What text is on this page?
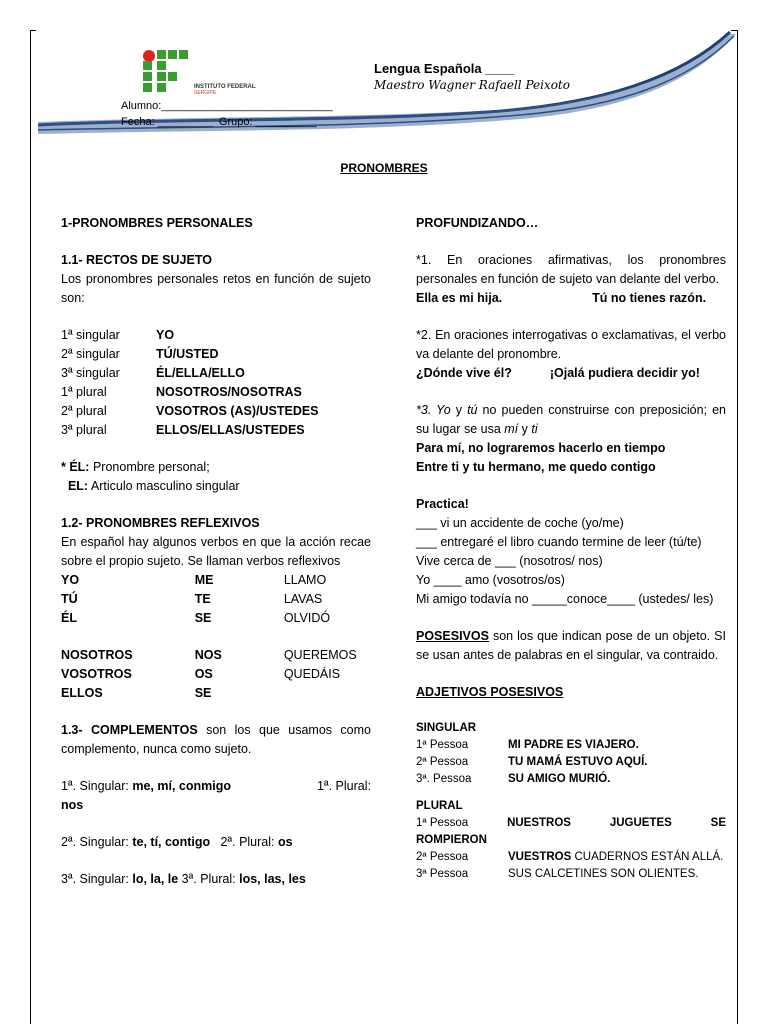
INSTITUTO FEDERAL
SERGIPE
Alumno:____________________________
Fecha: _________ Grupo: __________
Lengua Española ____
Maestro Wagner Rafaell Peixoto
PRONOMBRES

1-PRONOMBRES PERSONALES

1.1- RECTOS DE SUJETO

Los pronombres personales retos en función de sujeto son:

1ª singular	YO
2ª singular	TÚ/USTED
3ª singular	ÉL/ELLA/ELLO
1ª plural	NOSOTROS/NOSOTRAS
2ª plural	VOSOTROS (AS)/USTEDES
3ª plural	ELLOS/ELLAS/USTEDES

* ÉL: Pronombre personal;

EL: Articulo masculino singular

1.2- PRONOMBRES REFLEXIVOS

En español hay algunos verbos en que la acción recae sobre el propio sujeto. Se llaman verbos reflexivos

YO	ME	LLAMO
TÚ	TE	LAVAS
ÉL	SE	OLVIDÓ
NOSOTROS	NOS	QUEREMOS
VOSOTROS	OS	QUEDÁIS
ELLOS	SE

1.3- COMPLEMENTOS son los que usamos como complemento, nunca como sujeto.

1ª. Singular: me, mí, conmigo	1ª. Plural:

nos

2ª. Singular: te, tí, contigo 2ª. Plural: os

3ª. Singular: lo, la, le 3ª. Plural: los, las, les

PROFUNDIZANDO…

*1. En oraciones afirmativas, los pronombres personales en función de sujeto van delante del verbo.

Ella es mi hija.	Tú no tienes razón.

*2. En oraciones interrogativas o exclamativas, el verbo va delante del pronombre.

¿Dónde vive él?	¡Ojalá pudiera decidir yo!

*3. Yo y tú no pueden construirse con preposición; en su lugar se usa mí y ti

Para mí, no lograremos hacerlo en tiempo

Entre ti y tu hermano, me quedo contigo

Practica!

___ vi un accidente de coche (yo/me)

___ entregaré el libro cuando termine de leer (tú/te)

Vive cerca de ___ (nosotros/ nos)

Yo ____ amo (vosotros/os)

Mi amigo todavía no _____conoce____ (ustedes/ les)

POSESIVOS son los que indican pose de un objeto. SI se usan antes de palabras en el singular, va contraido.

ADJETIVOS POSESIVOS

SINGULAR

1ª Pessoa	MI PADRE ES VIAJERO.
2ª Pessoa	TU MAMÁ ESTUVO AQUÍ.
3ª. Pessoa	SU AMIGO MURIÓ.

PLURAL

1ª Pessoa	NUESTROS	JUGUETES	SE
ROMPIERON
2ª Pessoa	VUESTROS CUADERNOS ESTÁN ALLÁ.
3ª Pessoa	SUS CALCETINES SON OLIENTES.
